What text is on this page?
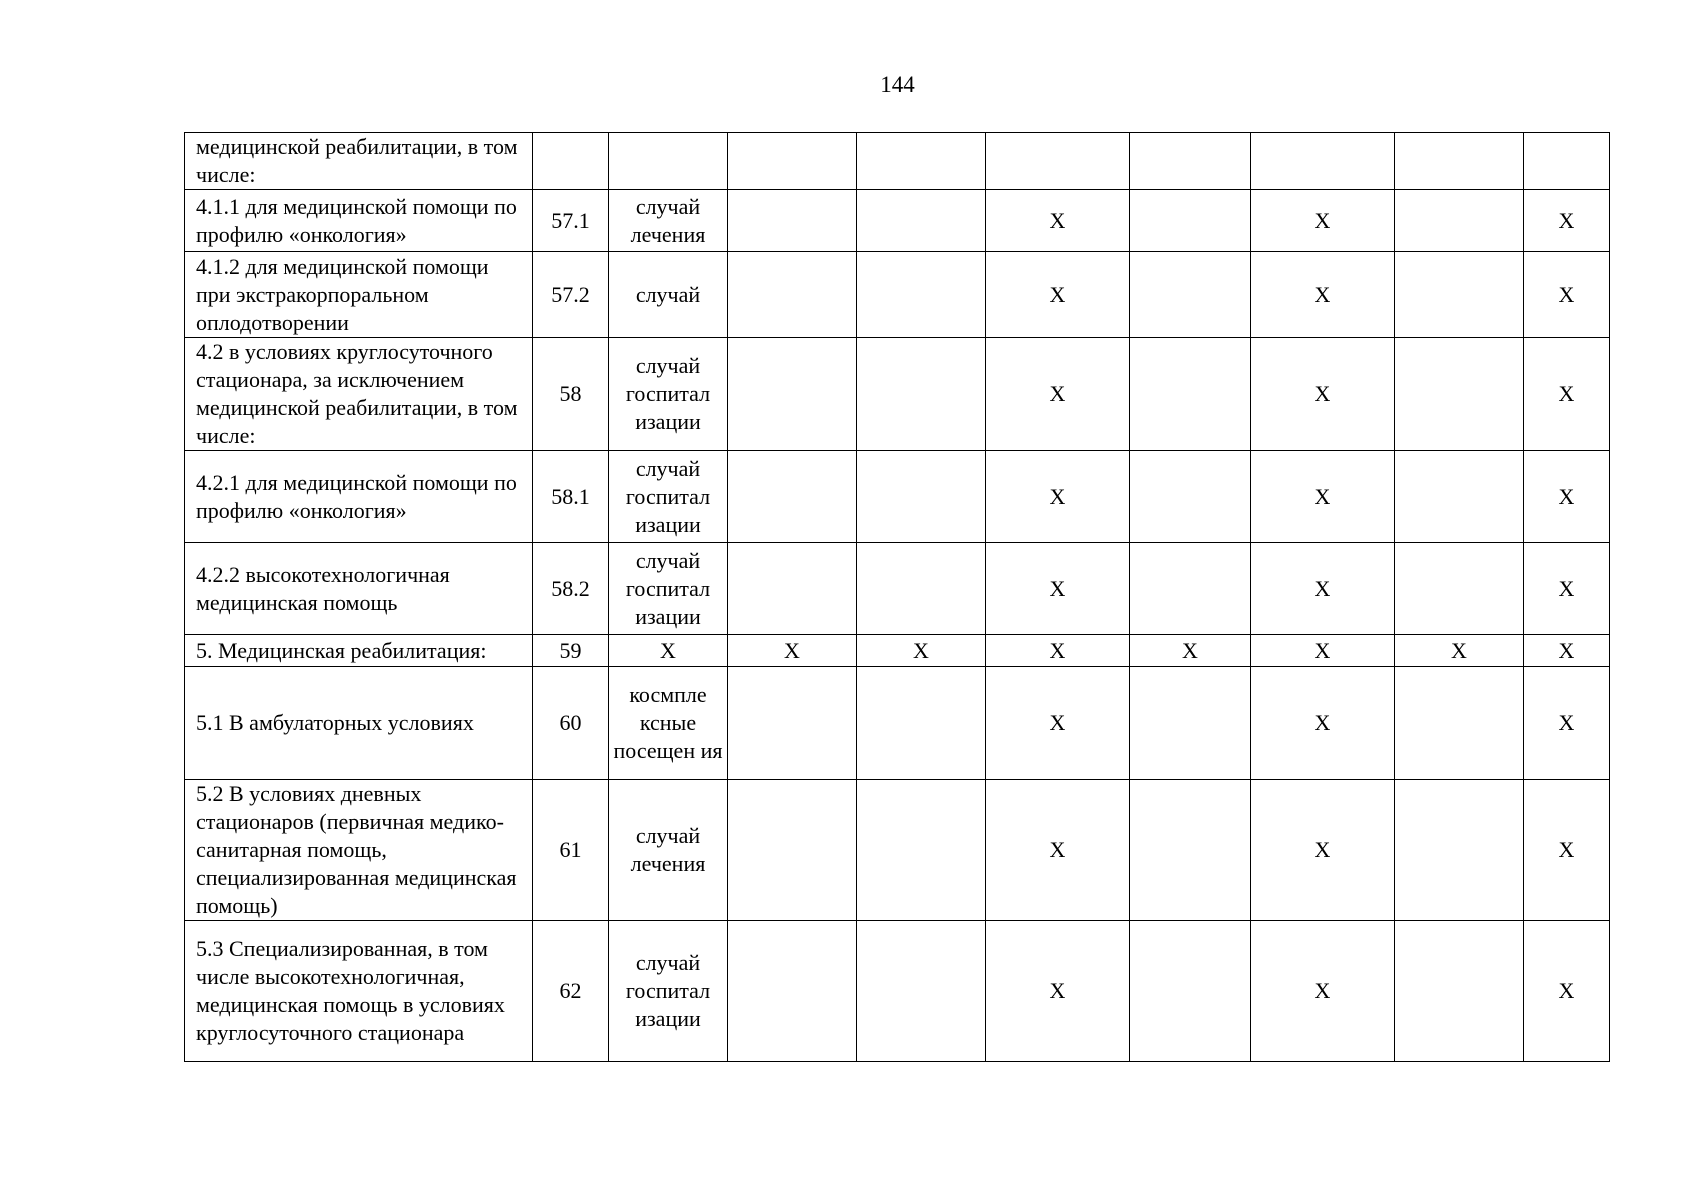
144
медицинской реабилитации, в том числе:									
4.1.1 для медицинской помощи по профилю «онкология»	57.1	случай лечения			X		X		X
4.1.2 для медицинской помощи при экстракорпоральном оплодотворении	57.2	случай			X		X		X
4.2 в условиях круглосуточного стационара, за исключением медицинской реабилитации, в том числе:	58	случай госпитал изации			X		X		X
4.2.1 для медицинской помощи по профилю «онкология»	58.1	случай госпитал изации			X		X		X
4.2.2 высокотехнологичная медицинская помощь	58.2	случай госпитал изации			X		X		X
5. Медицинская реабилитация:	59	X	X	X	X	X	X	X	X
5.1 В амбулаторных условиях	60	космпле ксные посещен ия			X		X		X
5.2 В условиях дневных стационаров (первичная медико-санитарная помощь, специализированная медицинская помощь)	61	случай лечения			X		X		X
5.3 Специализированная, в том числе высокотехнологичная, медицинская помощь в условиях круглосуточного стационара	62	случай госпитал изации			X		X		X
